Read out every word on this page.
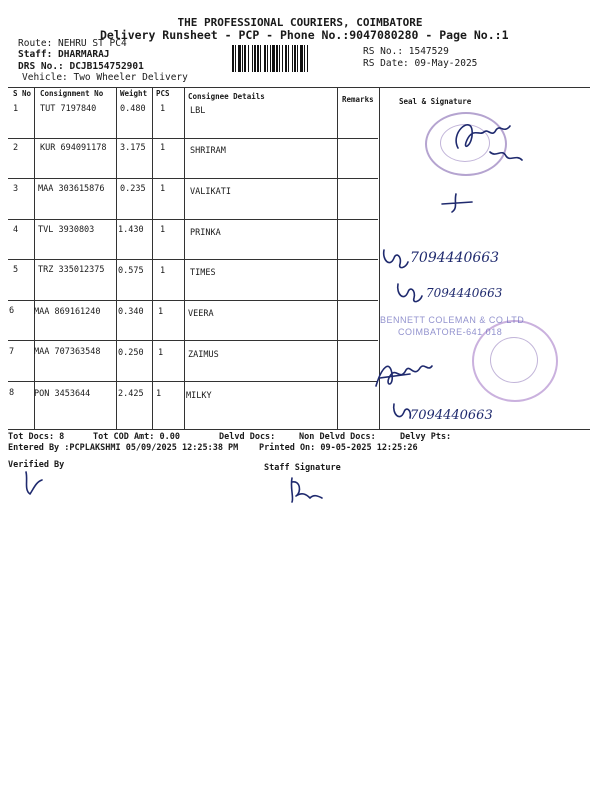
THE PROFESSIONAL COURIERS, COIMBATORE
Delivery Runsheet - PCP - Phone No.:9047080280 - Page No.:1
Route: NEHRU ST PC4
Staff: DHARMARAJ
DRS No.: DCJB154752901
Vehicle: Two Wheeler Delivery
RS No.: 1547529
RS Date: 09-May-2025
S No Consignment No Weight PCS Consignee Details	Remarks	Seal & Signature
1	TUT 7197840	0.480 1	LBL
2	KUR 694091178 3.175 1	SHRIRAM
3 MAA 303615876 0.235 1	VALIKATI
4 TVL 3930803	1.430 1	PRINKA
5 TRZ 335012375 0.575 1	TIMES
6 MAA 869161240 0.340 1	VEERA
7 MAA 707363548 0.250 1	ZAIMUS
8 PON 3453644	2.425 1	MILKY
BENNETT COLEMAN & CO LTD
COIMBATORE-641 018
7094440663
7094440663
7094440663
Tot Docs: 8	Tot COD Amt: 0.00	Delvd Docs:	Non Delvd Docs:	Delvy Pts:
Entered By :PCPLAKSHMI 05/09/2025 12:25:38 PM Printed On: 09-05-2025 12:25:26
Verified By	Staff Signature
